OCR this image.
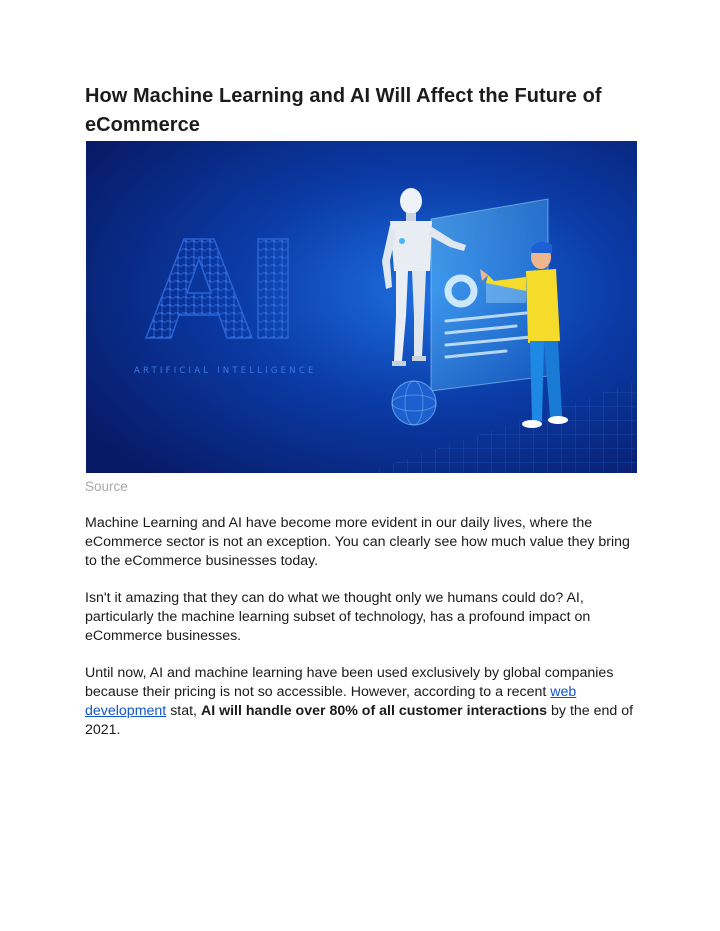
How Machine Learning and AI Will Affect the Future of eCommerce
ARTIFICIAL INTELLIGENCE
Source

Machine Learning and AI have become more evident in our daily lives, where the eCommerce sector is not an exception. You can clearly see how much value they bring to the eCommerce businesses today.

Isn't it amazing that they can do what we thought only we humans could do? AI, particularly the machine learning subset of technology, has a profound impact on eCommerce businesses.

Until now, AI and machine learning have been used exclusively by global companies because their pricing is not so accessible. However, according to a recent web development stat, AI will handle over 80% of all customer interactions by the end of 2021.
